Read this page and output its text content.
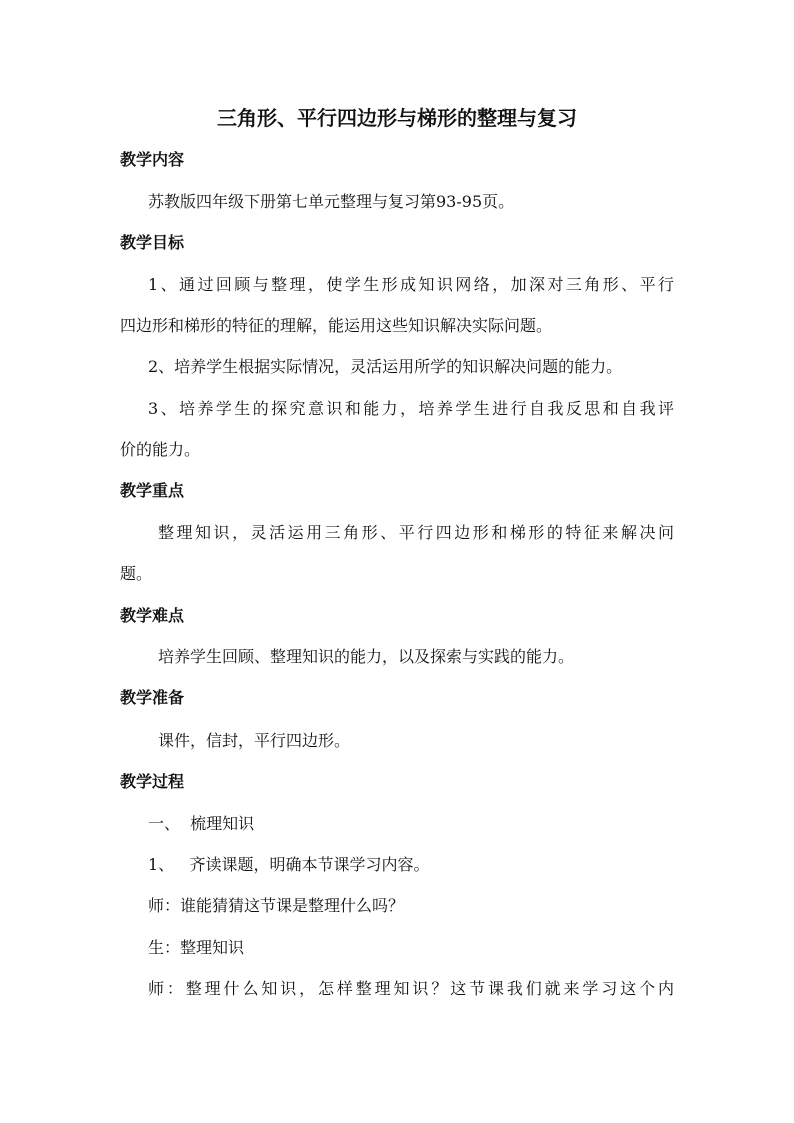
三角形、平行四边形与梯形的整理与复习
教学内容
苏教版四年级下册第七单元整理与复习第93-95页。
教学目标
1、通过回顾与整理，使学生形成知识网络，加深对三角形、平行
四边形和梯形的特征的理解，能运用这些知识解决实际问题。
2、培养学生根据实际情况，灵活运用所学的知识解决问题的能力。
3、培养学生的探究意识和能力，培养学生进行自我反思和自我评
价的能力。
教学重点
整理知识，灵活运用三角形、平行四边形和梯形的特征来解决问
题。
教学难点
培养学生回顾、整理知识的能力，以及探索与实践的能力。
教学准备
课件，信封，平行四边形。
教学过程
一、  梳理知识
1、   齐读课题，明确本节课学习内容。
师：谁能猜猜这节课是整理什么吗？
生：整理知识
师：整理什么知识，怎样整理知识？这节课我们就来学习这个内
